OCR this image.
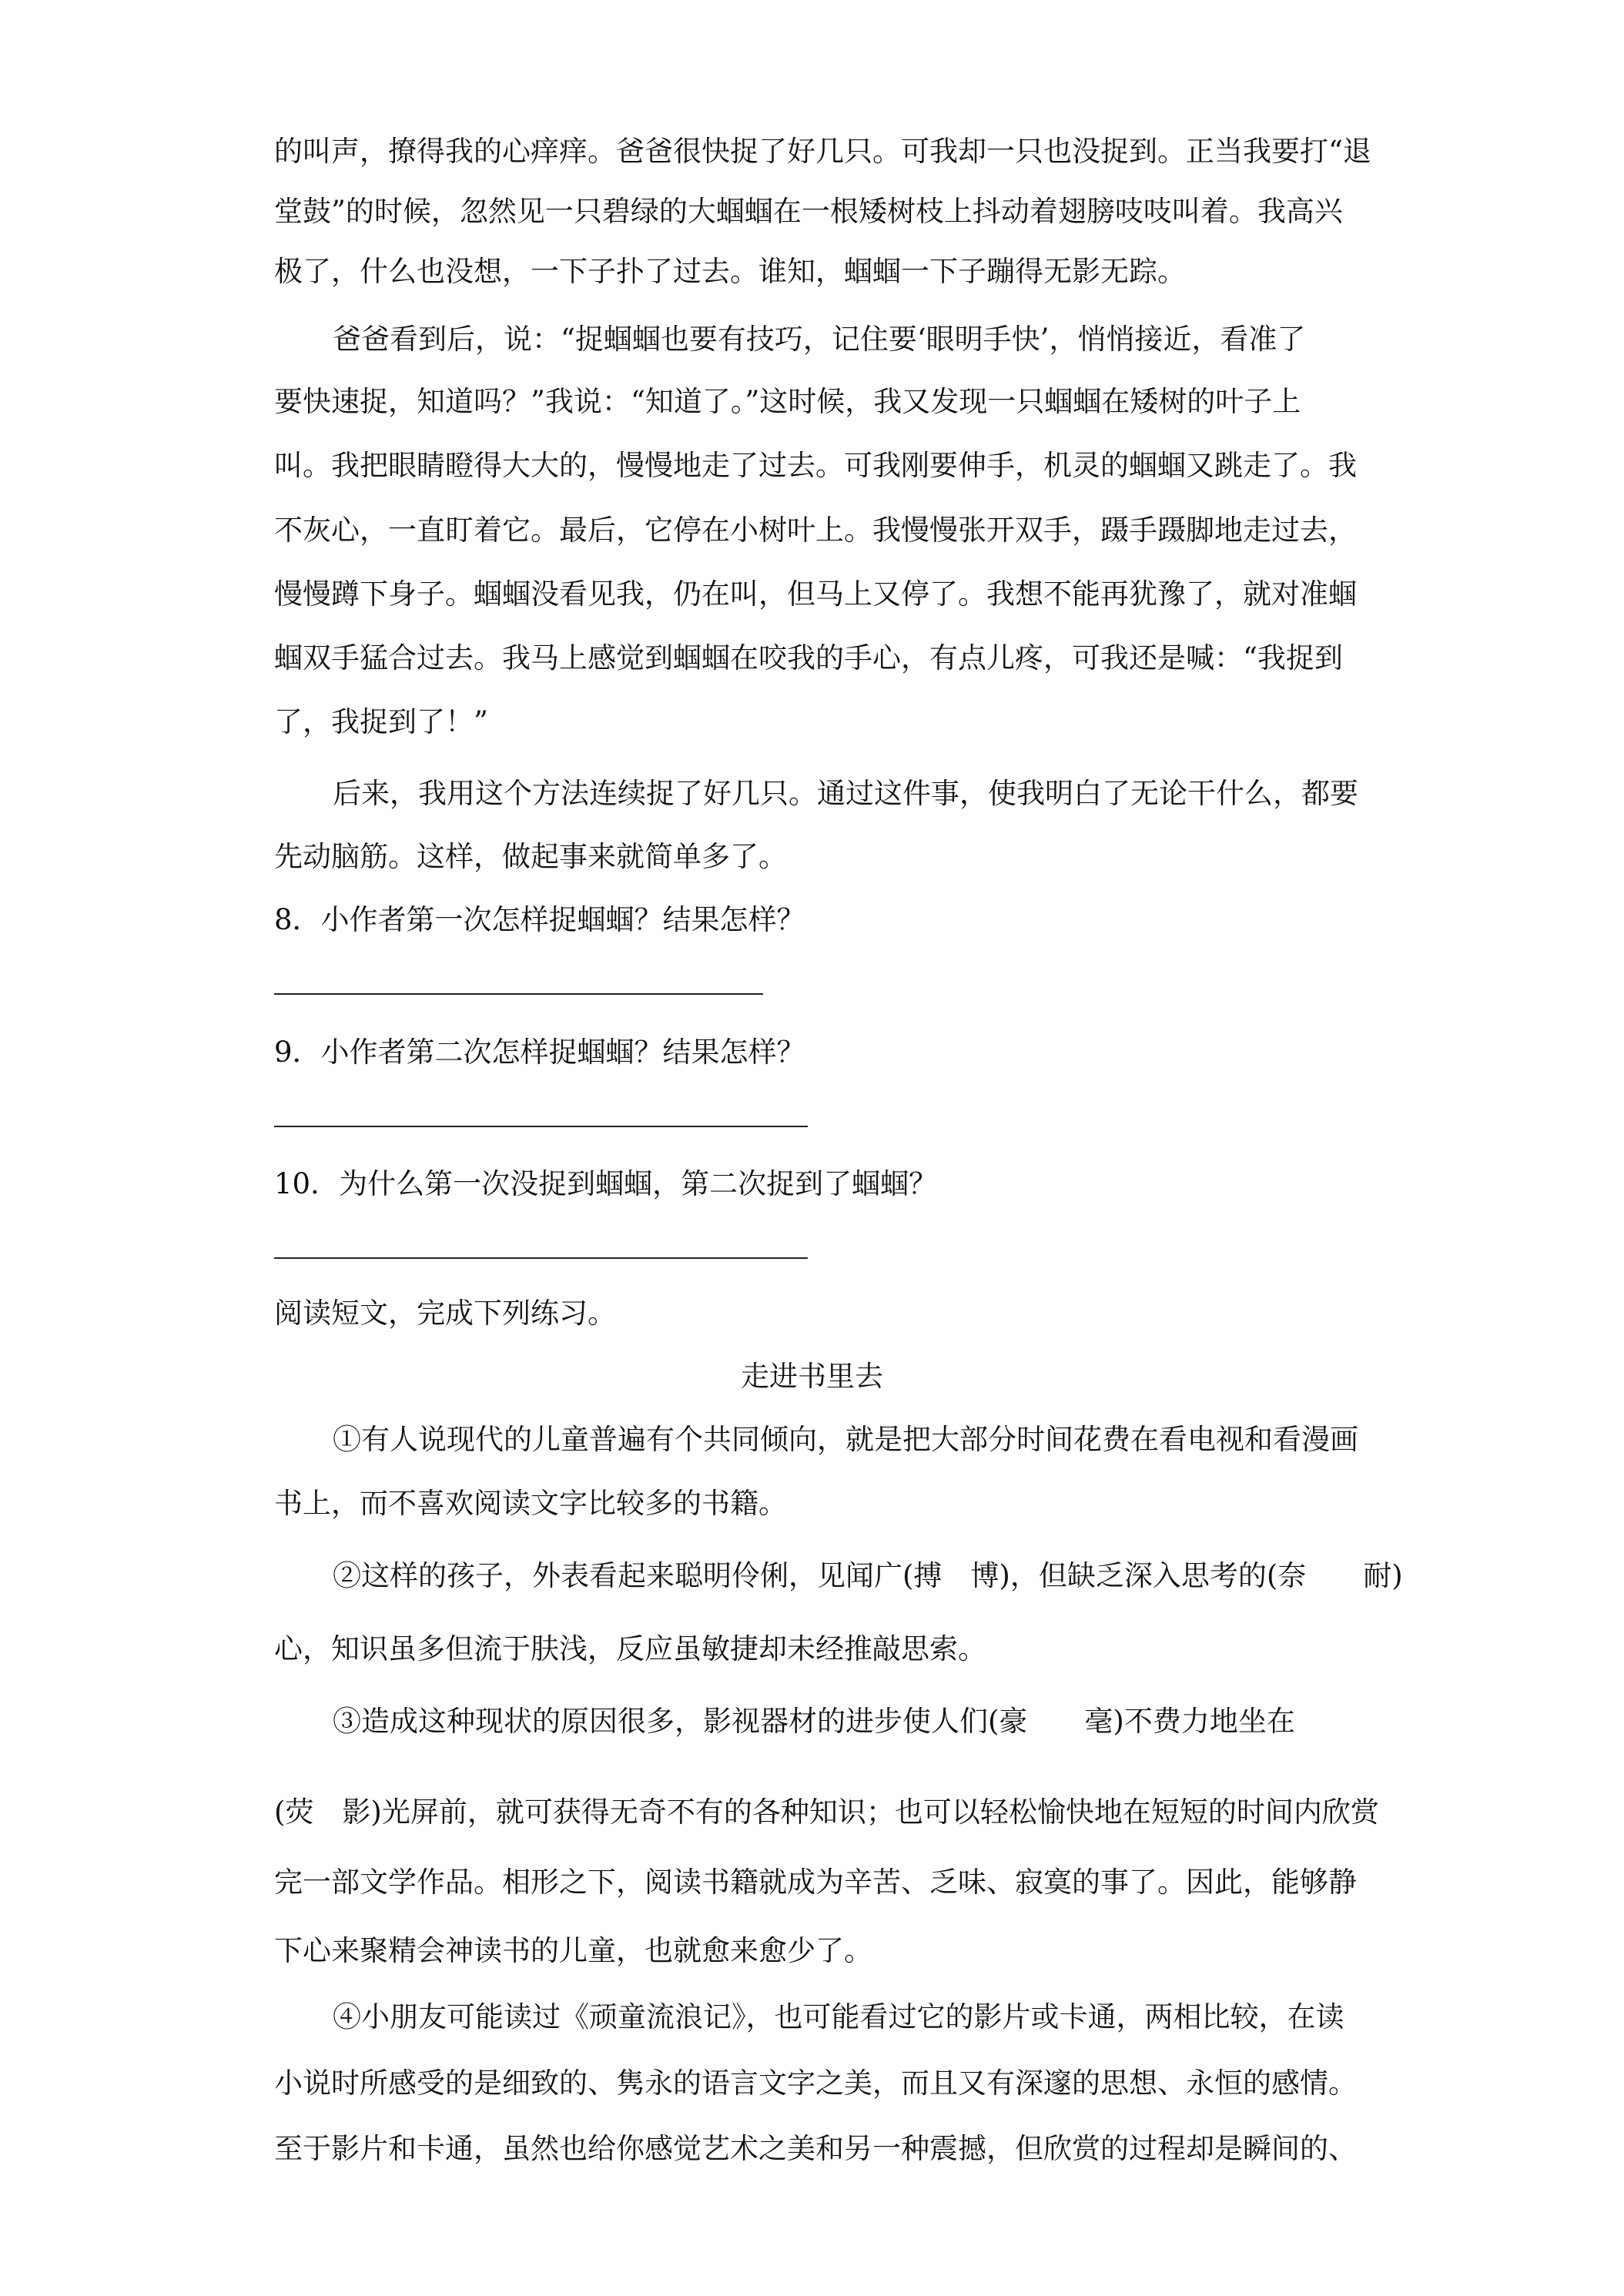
的叫声，撩得我的心痒痒。爸爸很快捉了好几只。可我却一只也没捉到。正当我要打“退

堂鼓”的时候，忽然见一只碧绿的大蝈蝈在一根矮树枝上抖动着翅膀吱吱叫着。我高兴

极了，什么也没想，一下子扑了过去。谁知，蝈蝈一下子蹦得无影无踪。

爸爸看到后，说：“捉蝈蝈也要有技巧，记住要‘眼明手快’，悄悄接近，看准了

要快速捉，知道吗？”我说：“知道了。”这时候，我又发现一只蝈蝈在矮树的叶子上

叫。我把眼睛瞪得大大的，慢慢地走了过去。可我刚要伸手，机灵的蝈蝈又跳走了。我

不灰心，一直盯着它。最后，它停在小树叶上。我慢慢张开双手，蹑手蹑脚地走过去，

慢慢蹲下身子。蝈蝈没看见我，仍在叫，但马上又停了。我想不能再犹豫了，就对准蝈

蝈双手猛合过去。我马上感觉到蝈蝈在咬我的手心，有点儿疼，可我还是喊：“我捉到

了，我捉到了！”

后来，我用这个方法连续捉了好几只。通过这件事，使我明白了无论干什么，都要

先动脑筋。这样，做起事来就简单多了。

8．小作者第一次怎样捉蝈蝈？结果怎样？

9．小作者第二次怎样捉蝈蝈？结果怎样？

10．为什么第一次没捉到蝈蝈，第二次捉到了蝈蝈？

阅读短文，完成下列练习。

走进书里去

①有人说现代的儿童普遍有个共同倾向，就是把大部分时间花费在看电视和看漫画

书上，而不喜欢阅读文字比较多的书籍。

②这样的孩子，外表看起来聪明伶俐，见闻广(搏　博)，但缺乏深入思考的(奈　　耐)

心，知识虽多但流于肤浅，反应虽敏捷却未经推敲思索。

③造成这种现状的原因很多，影视器材的进步使人们(豪　　毫)不费力地坐在

(荧　影)光屏前，就可获得无奇不有的各种知识；也可以轻松愉快地在短短的时间内欣赏

完一部文学作品。相形之下，阅读书籍就成为辛苦、乏味、寂寞的事了。因此，能够静

下心来聚精会神读书的儿童，也就愈来愈少了。

④小朋友可能读过《顽童流浪记》，也可能看过它的影片或卡通，两相比较，在读

小说时所感受的是细致的、隽永的语言文字之美，而且又有深邃的思想、永恒的感情。

至于影片和卡通，虽然也给你感觉艺术之美和另一种震撼，但欣赏的过程却是瞬间的、
